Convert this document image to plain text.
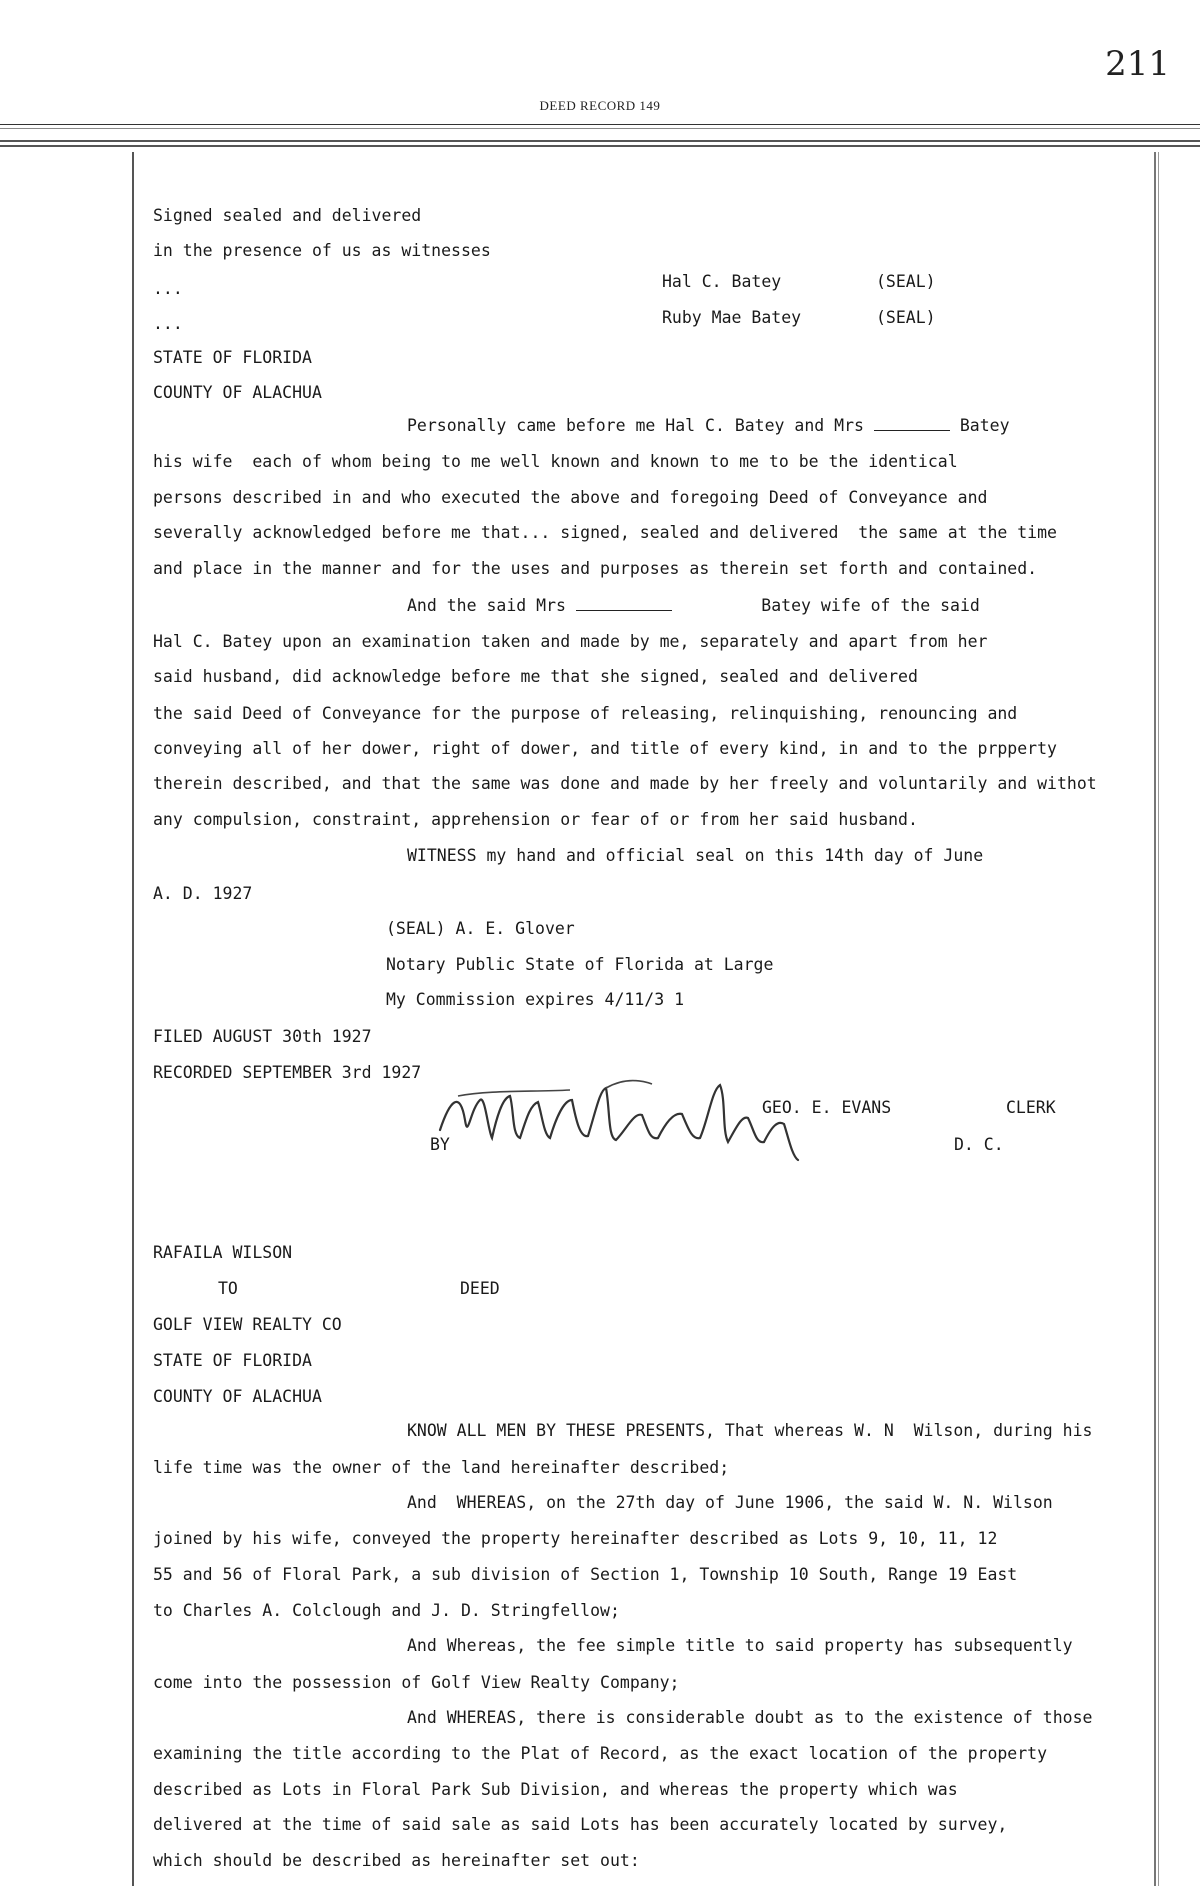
211
DEED RECORD 149
Signed sealed and delivered
in the presence of us as witnesses
...
...
Hal C. Batey	(SEAL)
Ruby Mae Batey	(SEAL)
STATE OF FLORIDA
COUNTY OF ALACHUA
Personally came before me Hal C. Batey and Mrs	Batey
his wife  each of whom being to me well known and known to me to be the identical
persons described in and who executed the above and foregoing Deed of Conveyance and
severally acknowledged before me that... signed, sealed and delivered  the same at the time
and place in the manner and for the uses and purposes as therein set forth and contained.
And the said Mrs	Batey wife of the said
Hal C. Batey upon an examination taken and made by me, separately and apart from her
said husband, did acknowledge before me that she signed, sealed and delivered
the said Deed of Conveyance for the purpose of releasing, relinquishing, renouncing and
conveying all of her dower, right of dower, and title of every kind, in and to the prpperty
therein described, and that the same was done and made by her freely and voluntarily and withot
any compulsion, constraint, apprehension or fear of or from her said husband.
WITNESS my hand and official seal on this 14th day of June
A. D. 1927
(SEAL) A. E. Glover
Notary Public State of Florida at Large
My Commission expires 4/11/3 1
FILED AUGUST 30th 1927
RECORDED SEPTEMBER 3rd 1927
GEO. E. EVANS	CLERK
BY	D. C.
RAFAILA WILSON
TO	DEED
GOLF VIEW REALTY CO
STATE OF FLORIDA
COUNTY OF ALACHUA
KNOW ALL MEN BY THESE PRESENTS, That whereas W. N  Wilson, during his
life time was the owner of the land hereinafter described;
And  WHEREAS, on the 27th day of June 1906, the said W. N. Wilson
joined by his wife, conveyed the property hereinafter described as Lots 9, 10, 11, 12
55 and 56 of Floral Park, a sub division of Section 1, Township 10 South, Range 19 East
to Charles A. Colclough and J. D. Stringfellow;
And Whereas, the fee simple title to said property has subsequently
come into the possession of Golf View Realty Company;
And WHEREAS, there is considerable doubt as to the existence of those
examining the title according to the Plat of Record, as the exact location of the property
described as Lots in Floral Park Sub Division, and whereas the property which was
delivered at the time of said sale as said Lots has been accurately located by survey,
which should be described as hereinafter set out:
